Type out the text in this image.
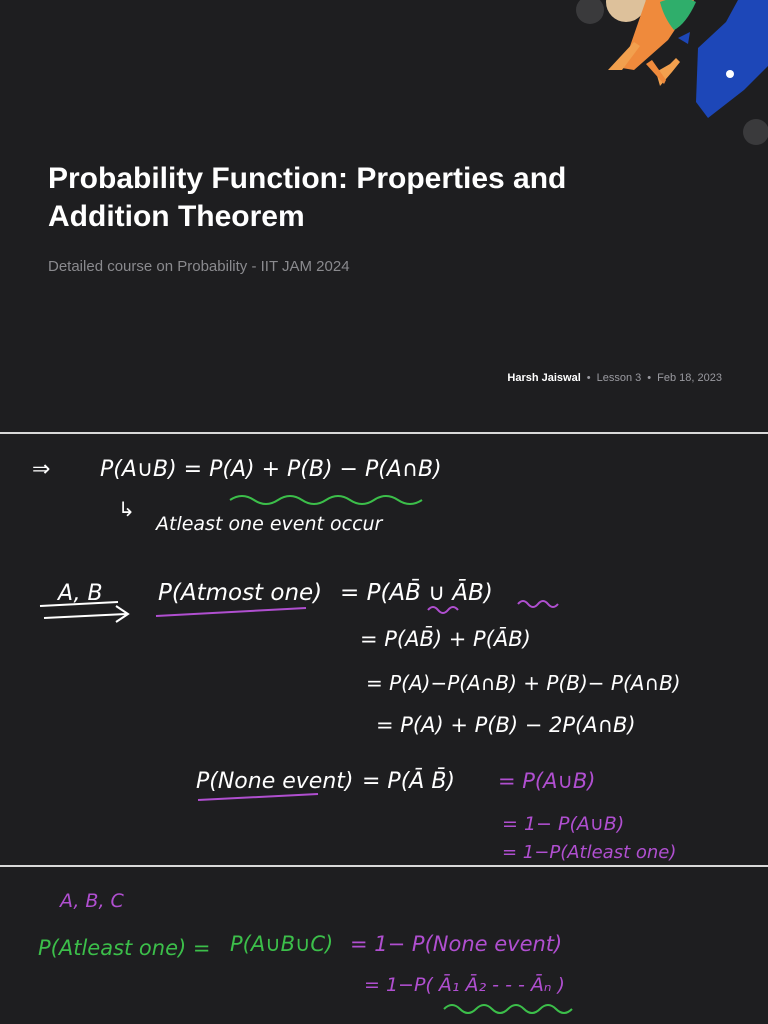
Probability Function: Properties and
Addition Theorem

Detailed course on Probability - IIT JAM 2024

Harsh Jaiswal • Lesson 3 • Feb 18, 2023
⇒ P(A∪B) = P(A) + P(B) − P(A∩B)
↳
Atleast one event occur
A, B P(Atmost one) = P(AB̄ ∪ ĀB)
= P(AB̄) + P(ĀB)
= P(A)−P(A∩B) + P(B)− P(A∩B)
= P(A) + P(B) − 2P(A∩B)
P(None event) = P(Ā B̄) = P(A∪B)
= 1− P(A∪B)
= 1−P(Atleast one)
A, B, C
P(Atleast one) = P(A∪B∪C) = 1− P(None event)
= 1−P( Ā₁ Ā₂ - - - Āₙ )
